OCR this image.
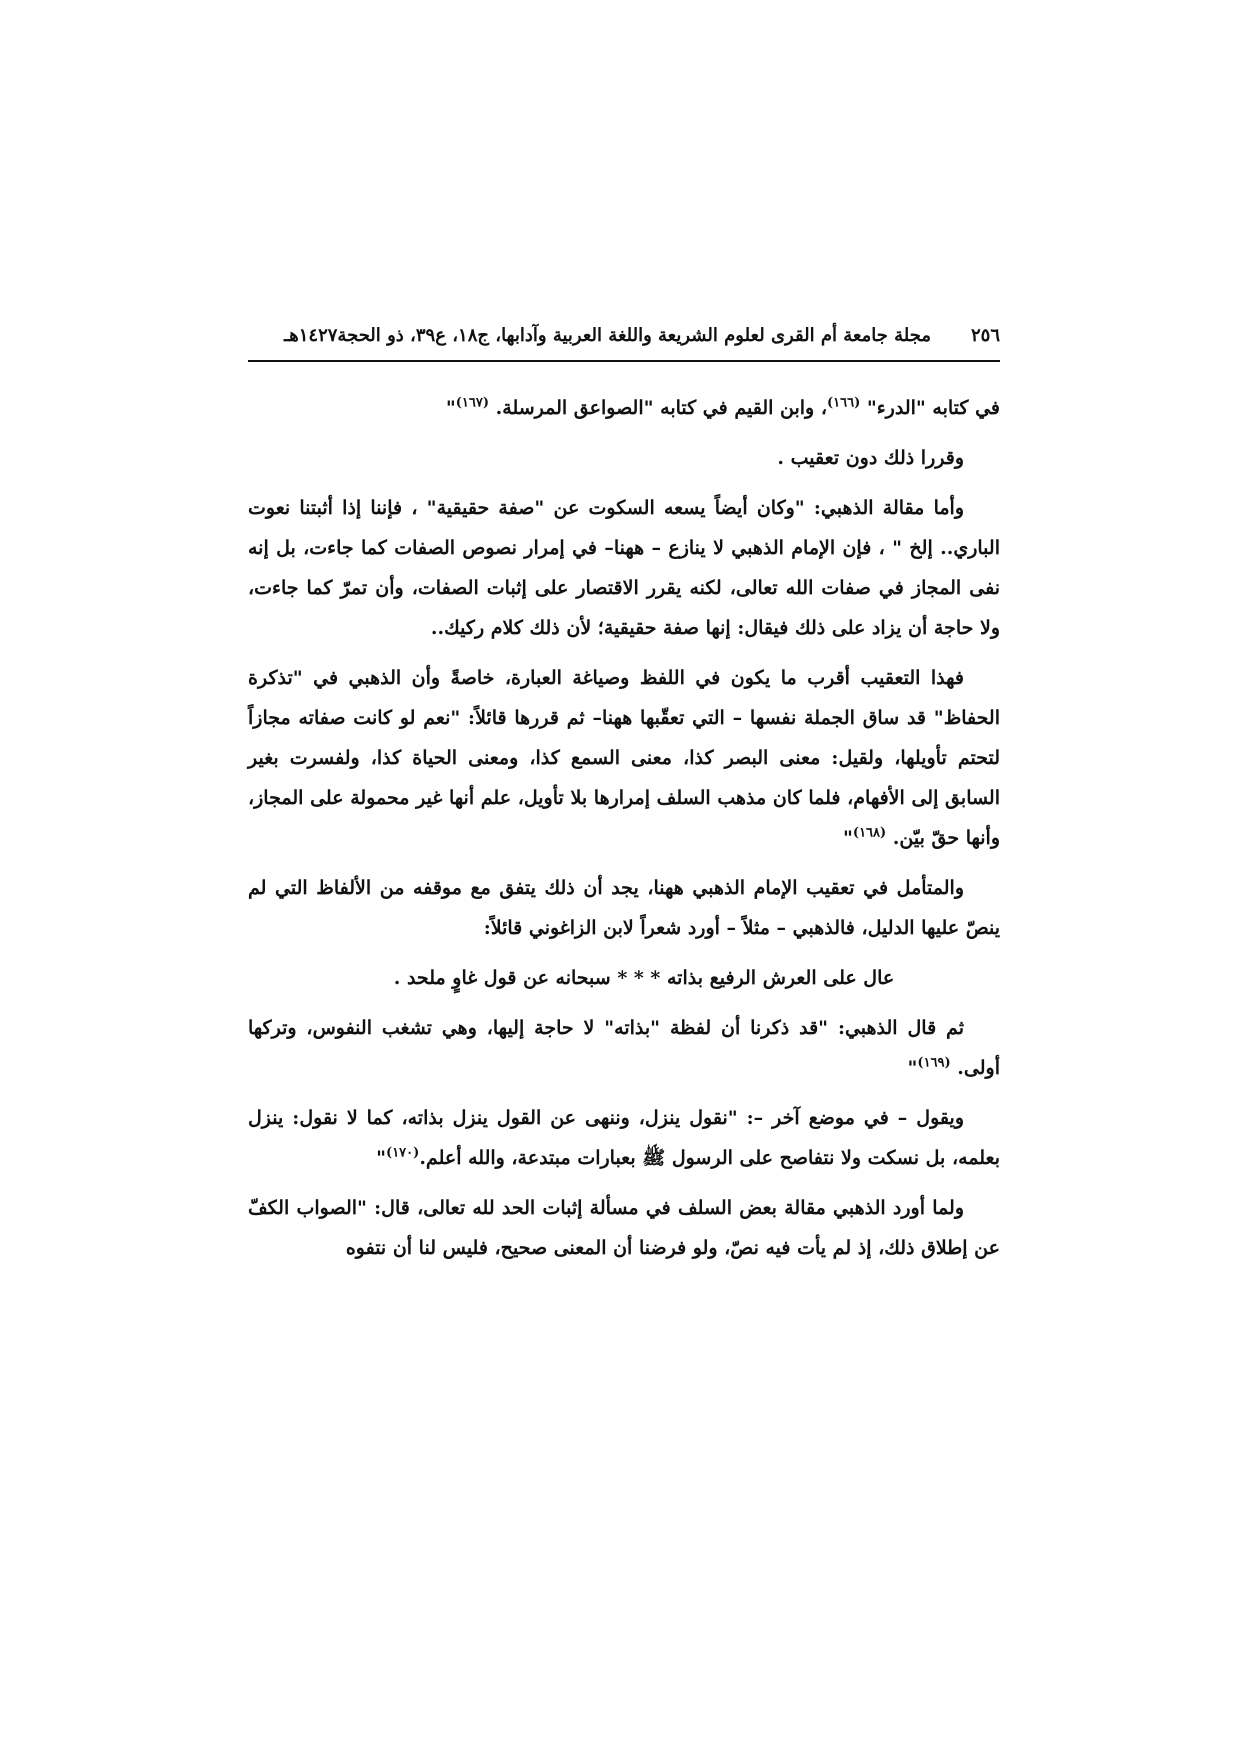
٢٥٦
مجلة جامعة أم القرى لعلوم الشريعة واللغة العربية وآدابها، ج١٨، ع٣٩، ذو الحجة١٤٢٧هـ

في كتابه "الدرء" $^{(١٦٦)}$، وابن القيم في كتابه "الصواعق المرسلة. $^{(١٦٧)}$"

وقررا ذلك دون تعقيب .

وأما مقالة الذهبي: "وكان أيضاً يسعه السكوت عن "صفة حقيقية" ، فإننا إذا أثبتنا نعوت الباري.. إلخ " ، فإن الإمام الذهبي لا ينازع – ههنا– في إمرار نصوص الصفات كما جاءت، بل إنه نفى المجاز في صفات الله تعالى، لكنه يقرر الاقتصار على إثبات الصفات، وأن تمرّ كما جاءت، ولا حاجة أن يزاد على ذلك فيقال: إنها صفة حقيقية؛ لأن ذلك كلام ركيك..

فهذا التعقيب أقرب ما يكون في اللفظ وصياغة العبارة، خاصةً وأن الذهبي في "تذكرة الحفاظ" قد ساق الجملة نفسها – التي تعقّبها ههنا– ثم قررها قائلاً: "نعم لو كانت صفاته مجازاً لتحتم تأويلها، ولقيل: معنى البصر كذا، معنى السمع كذا، ومعنى الحياة كذا، ولفسرت بغير السابق إلى الأفهام، فلما كان مذهب السلف إمرارها بلا تأويل، علم أنها غير محمولة على المجاز، وأنها حقّ بيّن. $^{(١٦٨)}$"

والمتأمل في تعقيب الإمام الذهبي ههنا، يجد أن ذلك يتفق مع موقفه من الألفاظ التي لم ينصّ عليها الدليل، فالذهبي – مثلاً – أورد شعراً لابن الزاغوني قائلاً:

عال على العرش الرفيع بذاته * * * سبحانه عن قول غاوٍ ملحد .

ثم قال الذهبي: "قد ذكرنا أن لفظة "بذاته" لا حاجة إليها، وهي تشغب النفوس، وتركها أولى. $^{(١٦٩)}$"

ويقول – في موضع آخر –: "نقول ينزل، وننهى عن القول ينزل بذاته، كما لا نقول: ينزل بعلمه، بل نسكت ولا نتفاصح على الرسول ﷺ بعبارات مبتدعة، والله أعلم.$^{(١٧٠)}$"

ولما أورد الذهبي مقالة بعض السلف في مسألة إثبات الحد لله تعالى، قال: "الصواب الكفّ عن إطلاق ذلك، إذ لم يأت فيه نصّ، ولو فرضنا أن المعنى صحيح، فليس لنا أن نتفوه
